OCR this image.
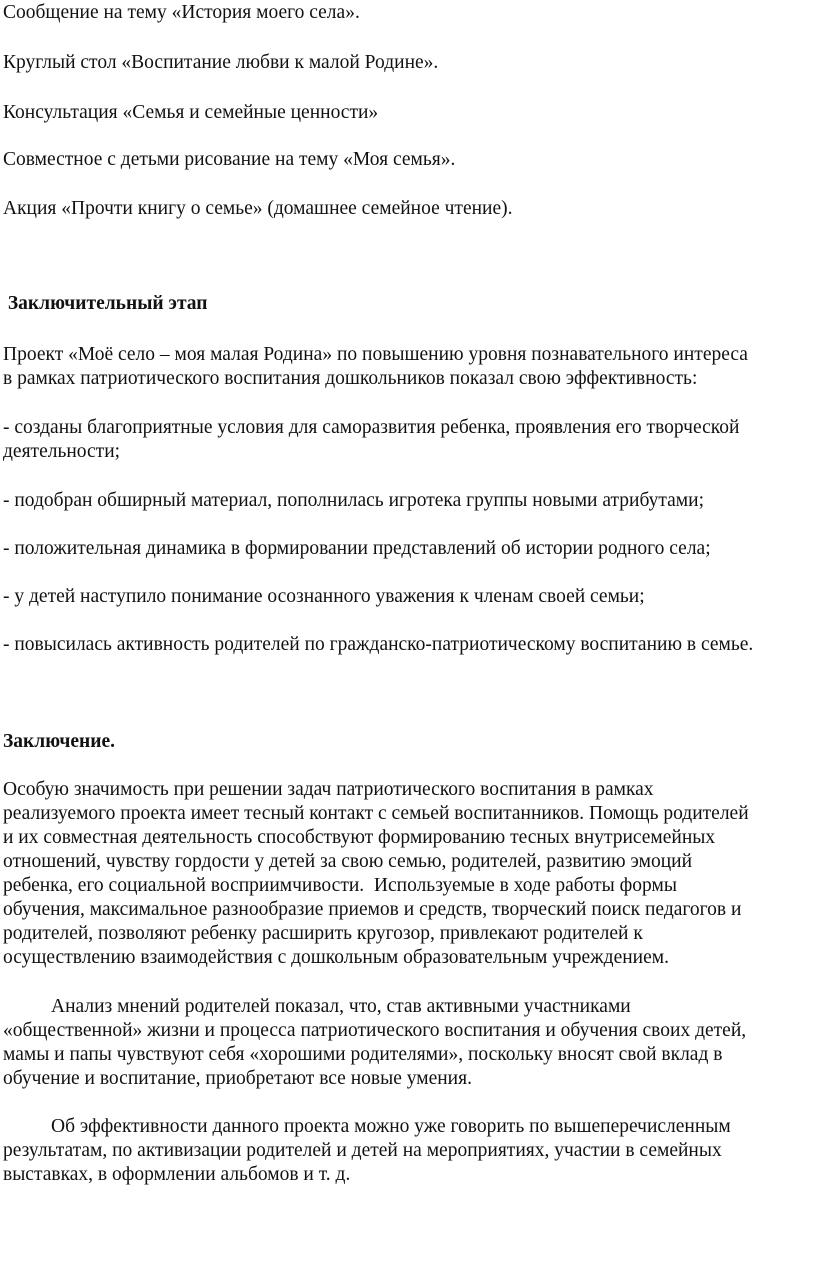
Сообщение на тему «История моего села».
Круглый стол «Воспитание любви к малой Родине».
Консультация «Семья и семейные ценности»
Совместное с детьми рисование на тему «Моя семья».
Акция «Прочти книгу о семье» (домашнее семейное чтение).
Заключительный этап
Проект «Моё село – моя малая Родина» по повышению уровня познавательного интереса
в рамках патриотического воспитания дошкольников показал свою эффективность:
- созданы благоприятные условия для саморазвития ребенка, проявления его творческой
деятельности;
- подобран обширный материал, пополнилась игротека группы новыми атрибутами;
- положительная динамика в формировании представлений об истории родного села;
- у детей наступило понимание осознанного уважения к членам своей семьи;
- повысилась активность родителей по гражданско-патриотическому воспитанию в семье.
Заключение.
Особую значимость при решении задач патриотического воспитания в рамках
реализуемого проекта имеет тесный контакт с семьей воспитанников. Помощь родителей
и их совместная деятельность способствуют формированию тесных внутрисемейных
отношений, чувству гордости у детей за свою семью, родителей, развитию эмоций
ребенка, его социальной восприимчивости.  Используемые в ходе работы формы
обучения, максимальное разнообразие приемов и средств, творческий поиск педагогов и
родителей, позволяют ребенку расширить кругозор, привлекают родителей к
осуществлению взаимодействия с дошкольным образовательным учреждением.
Анализ мнений родителей показал, что, став активными участниками
«общественной» жизни и процесса патриотического воспитания и обучения своих детей,
мамы и папы чувствуют себя «хорошими родителями», поскольку вносят свой вклад в
обучение и воспитание, приобретают все новые умения.
Об эффективности данного проекта можно уже говорить по вышеперечисленным
результатам, по активизации родителей и детей на мероприятиях, участии в семейных
выставках, в оформлении альбомов и т. д.
